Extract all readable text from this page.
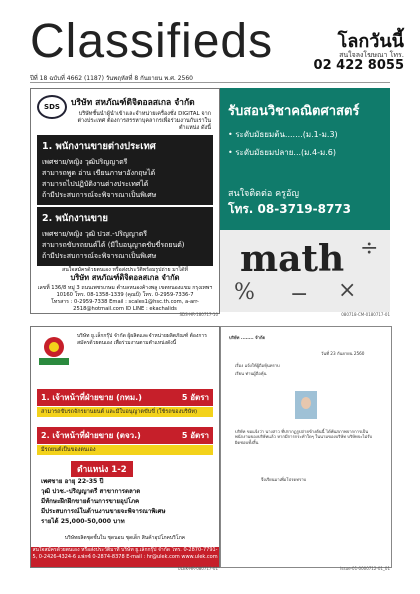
Classifieds	โลกวันนี้
สนใจลงโฆษณา โทร.
02 422 8055
ปีที่ 18 ฉบับที่ 4662 (1187) วันพฤหัสที่ 8 กันยายน พ.ศ. 2560
SDS	บริษัท สหภัณฑ์ดิจิตอลสเกล จำกัด
บริษัทชั้นนำผู้นำเข้าและจำหน่ายเครื่องชั่ง DIGITAL จากต่างประเทศ ต้องการสรรหาบุคลากรเพื่อร่วมงานกับเราในตำแหน่ง ดังนี้
1. พนักงานขายต่างประเทศ
เพศชาย/หญิง วุฒิปริญญาตรี
สามารถพูด อ่าน เขียนภาษาอังกฤษได้
สามารถไปปฏิบัติงานต่างประเทศได้
ถ้ามีประสบการณ์จะพิจารณาเป็นพิเศษ
2. พนักงานขาย
เพศชาย/หญิง วุฒิ ปวส.-ปริญญาตรี
สามารถขับรถยนต์ได้ (มีใบอนุญาตขับขี่รถยนต์)
ถ้ามีประสบการณ์จะพิจารณาเป็นพิเศษ
สนใจสมัครด้วยตนเอง หรือส่งประวัติพร้อมรูปถ่าย มาได้ที่
บริษัท สหภัณฑ์ดิจิตอลสเกล จำกัด
เลขที่ 136/8 หมู่ 3 ถนนเพชรเกษม ตำบลหนองค้างพลู เขตหนองแขม กรุงเทพฯ 10160 โทร. 08-1358-1339 (คุณบี) โทร. 0-2959-7336-7
โทรสาร : 0-2959-7338 Email : scales1@hsc.th.com, a-arr-2518@hotmail.com ID LINE : ekachalids
SDS-HR-180717-10
รับสอนวิชาคณิตศาสตร์
• ระดับมัธยมต้น.......(ม.1-ม.3)
• ระดับมัธยมปลาย...(ม.4-ม.6)
สนใจติดต่อ ครูอัญ
โทร. 08-3719-8773
math
% − ×
÷
080718-CM-0180717-01
บริษัท ยู.เล็กกรุ๊ป จำกัด ผู้ผลิตและจำหน่ายผลิตภัณฑ์ ต้องการสมัครด้วยตนเอง เพื่อร่วมงานตามตำแหน่งดังนี้
1. เจ้าหน้าที่ฝ่ายขาย (กทม.)	5 อัตรา
สามารถขับรถจักรยานยนต์ และมีใบอนุญาตขับขี่ (ใช้รถของบริษัท)
2. เจ้าหน้าที่ฝ่ายขาย (ตจว.)	5 อัตรา
มีรถยนต์เป็นของตนเอง
ตำแหน่ง 1-2
เพศชาย อายุ 22-35 ปี
วุฒิ ปวช.-ปริญญาตรี สาขาการตลาด
มีทักษะฝึกฝึกขายด้านการขายอุปโภค
มีประสบการณ์ในด้านงานขายจะพิจารณาพิเศษ
รายได้ 25,000-50,000 บาท
บริษัทผลิตชุดชั้นใน ชุดนอน ชุดเด็ก สินค้าอุปโภคบริโภค
สนใจสมัครด้วยตนเอง หรือส่งประวัติมาที่ บริษัท ยู.เล็กกรุ๊ป จำกัด โทร. 0-2870-7791-5, 0-2426-4324-6 แฟกซ์ 0-2874-8378 E-mail : hr@ulek.com www.ulek.com
ULEK-HR-080717-01
บริษัท ........ จำกัด
วันที่ 23 กันยายน 2560
เรื่อง แจ้งให้ผู้ถือหุ้นทราบ
เรียน ท่านผู้ถือหุ้น
บริษัท ขอแจ้งว่า นางสาว ที่ปรากฏรูปถ่ายข้างต้นนี้ ได้พ้นสภาพจากการเป็นพนักงานของบริษัทแล้ว หากมีการกระทำใดๆ ในนามของบริษัท บริษัทจะไม่รับผิดชอบทั้งสิ้น
จึงเรียนมาเพื่อโปรดทราบ
Issue-01-0000712-01_01
